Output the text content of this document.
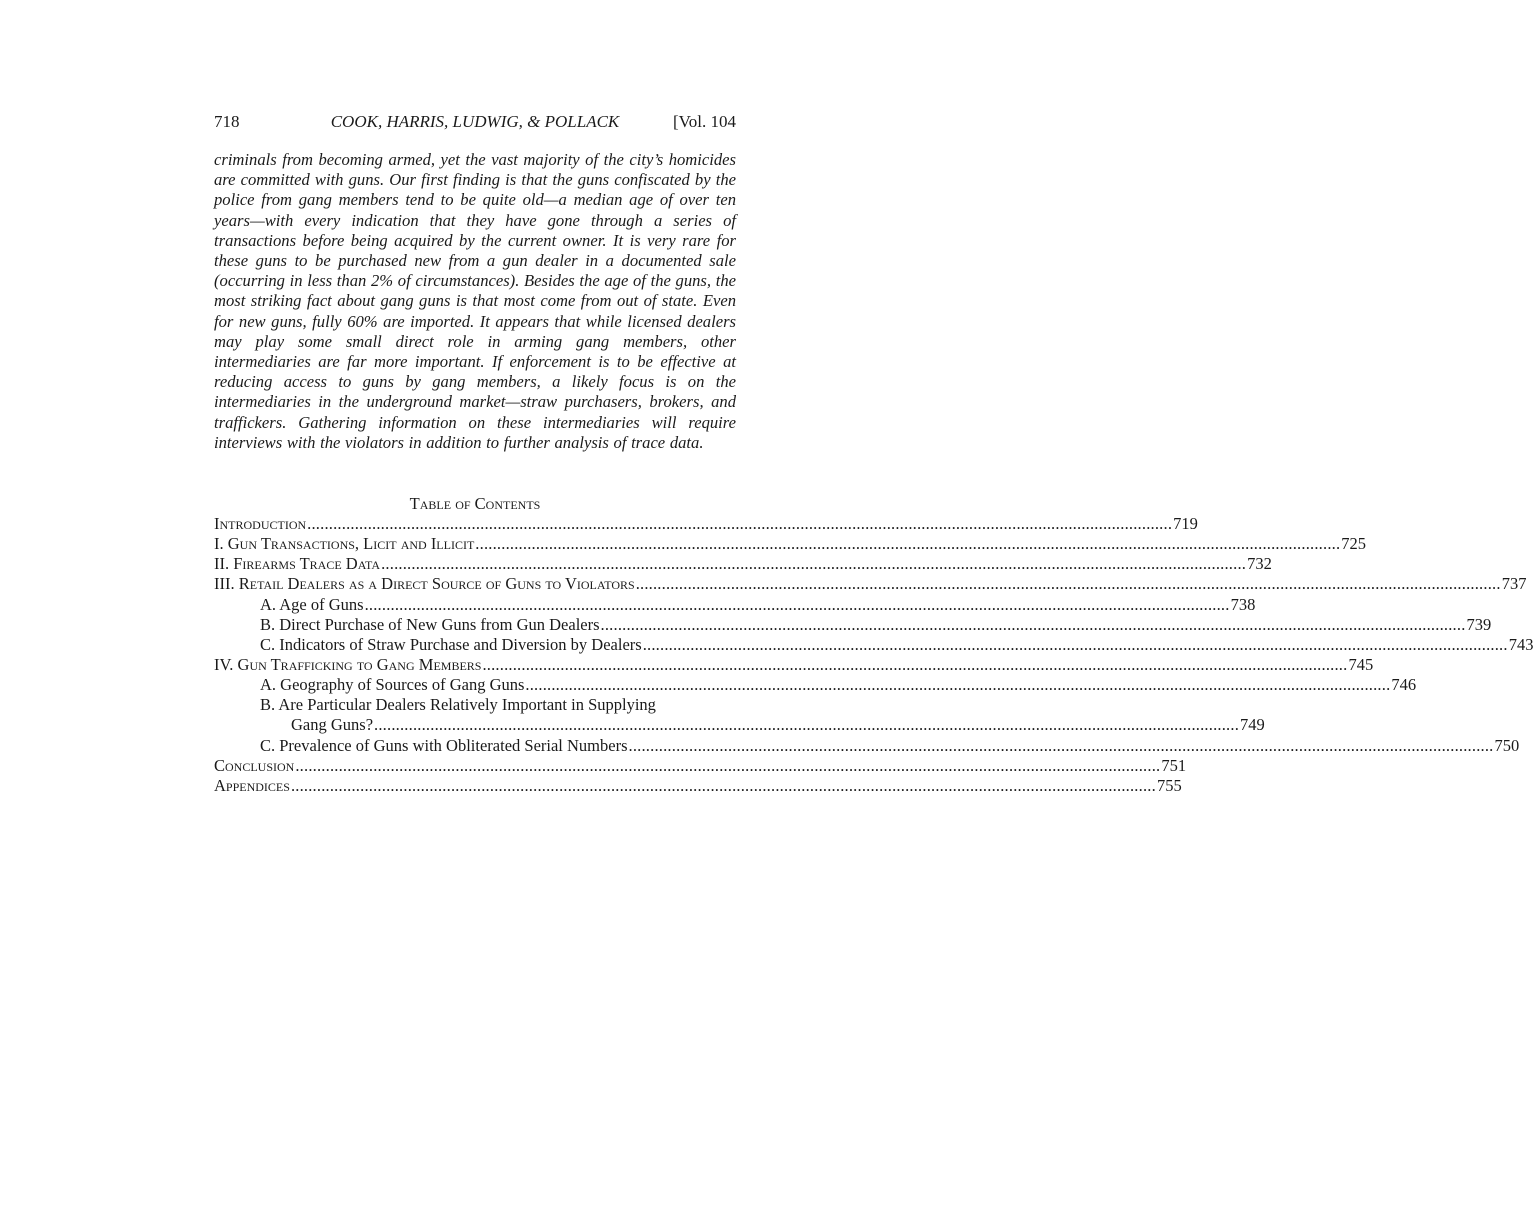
718	COOK, HARRIS, LUDWIG, & POLLACK	[Vol. 104

criminals from becoming armed, yet the vast majority of the city’s homicides are committed with guns. Our first finding is that the guns confiscated by the police from gang members tend to be quite old—a median age of over ten years—with every indication that they have gone through a series of transactions before being acquired by the current owner. It is very rare for these guns to be purchased new from a gun dealer in a documented sale (occurring in less than 2% of circumstances). Besides the age of the guns, the most striking fact about gang guns is that most come from out of state. Even for new guns, fully 60% are imported. It appears that while licensed dealers may play some small direct role in arming gang members, other intermediaries are far more important. If enforcement is to be effective at reducing access to guns by gang members, a likely focus is on the intermediaries in the underground market—straw purchasers, brokers, and traffickers. Gathering information on these intermediaries will require interviews with the violators in addition to further analysis of trace data.

Table of Contents
Introduction .....	719
I. Gun Transactions, Licit and Illicit .....	725
II. Firearms Trace Data .....	732
III. Retail Dealers as a Direct Source of Guns to Violators .....	737
A. Age of Guns .....	738
B. Direct Purchase of New Guns from Gun Dealers .....	739
C. Indicators of Straw Purchase and Diversion by Dealers .....	743
IV. Gun Trafficking to Gang Members .....	745
A. Geography of Sources of Gang Guns .....	746
B. Are Particular Dealers Relatively Important in Supplying
Gang Guns? .....	749
C. Prevalence of Guns with Obliterated Serial Numbers .....	750
Conclusion .....	751
Appendices .....	755
